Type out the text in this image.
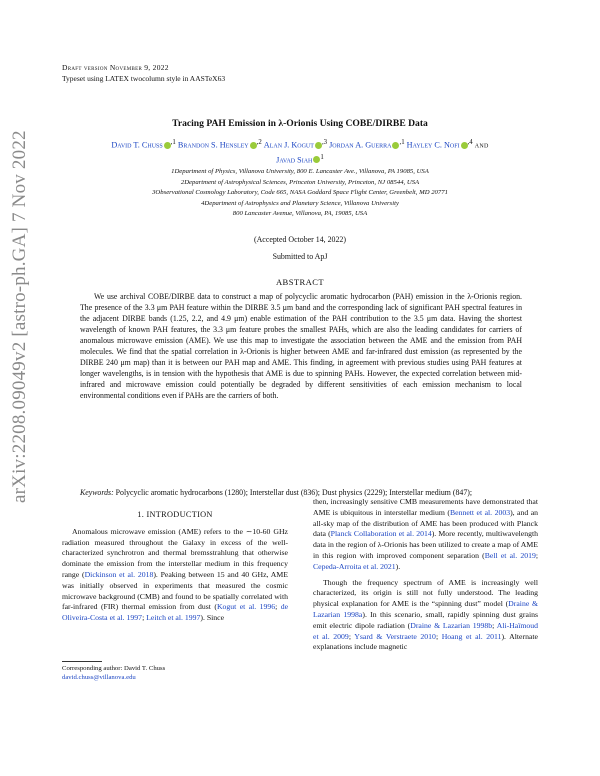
arXiv:2208.09049v2 [astro-ph.GA] 7 Nov 2022
Draft version November 9, 2022
Typeset using LATEX twocolumn style in AASTeX63
Tracing PAH Emission in λ-Orionis Using COBE/DIRBE Data
David T. Chuss $^{,1}$ Brandon S. Hensley $^{,2}$ Alan J. Kogut $^{,3}$ Jordan A. Guerra $^{,1}$ Hayley C. Nofi $^{,4}$ and
Javad Siah $^1$
1Department of Physics, Villanova University, 800 E. Lancaster Ave., Villanova, PA 19085, USA
2Department of Astrophysical Sciences, Princeton University, Princeton, NJ 08544, USA
3Observational Cosmology Laboratory, Code 665, NASA Goddard Space Flight Center, Greenbelt, MD 20771
4Department of Astrophysics and Planetary Science, Villanova University
800 Lancaster Avenue, Villanova, PA, 19085, USA
(Accepted October 14, 2022)
Submitted to ApJ
ABSTRACT
We use archival COBE/DIRBE data to construct a map of polycyclic aromatic hydrocarbon (PAH) emission in the λ-Orionis region. The presence of the 3.3 μm PAH feature within the DIRBE 3.5 μm band and the corresponding lack of significant PAH spectral features in the adjacent DIRBE bands (1.25, 2.2, and 4.9 μm) enable estimation of the PAH contribution to the 3.5 μm data. Having the shortest wavelength of known PAH features, the 3.3 μm feature probes the smallest PAHs, which are also the leading candidates for carriers of anomalous microwave emission (AME). We use this map to investigate the association between the AME and the emission from PAH molecules. We find that the spatial correlation in λ-Orionis is higher between AME and far-infrared dust emission (as represented by the DIRBE 240 μm map) than it is between our PAH map and AME. This finding, in agreement with previous studies using PAH features at longer wavelengths, is in tension with the hypothesis that AME is due to spinning PAHs. However, the expected correlation between mid-infrared and microwave emission could potentially be degraded by different sensitivities of each emission mechanism to local environmental conditions even if PAHs are the carriers of both.
Keywords: Polycyclic aromatic hydrocarbons (1280); Interstellar dust (836); Dust physics (2229); Interstellar medium (847);
1. INTRODUCTION

Anomalous microwave emission (AME) refers to the ∼10-60 GHz radiation measured throughout the Galaxy in excess of the well-characterized synchrotron and thermal bremsstrahlung that otherwise dominate the emission from the interstellar medium in this frequency range (Dickinson et al. 2018). Peaking between 15 and 40 GHz, AME was initially observed in experiments that measured the cosmic microwave background (CMB) and found to be spatially correlated with far-infrared (FIR) thermal emission from dust (Kogut et al. 1996; de Oliveira-Costa et al. 1997; Leitch et al. 1997). Since

then, increasingly sensitive CMB measurements have demonstrated that AME is ubiquitous in interstellar medium (Bennett et al. 2003), and an all-sky map of the distribution of AME has been produced with Planck data (Planck Collaboration et al. 2014). More recently, multiwavelength data in the region of λ-Orionis has been utilized to create a map of AME in this region with improved component separation (Bell et al. 2019; Cepeda-Arroita et al. 2021).

Though the frequency spectrum of AME is increasingly well characterized, its origin is still not fully understood. The leading physical explanation for AME is the “spinning dust” model (Draine & Lazarian 1998a). In this scenario, small, rapidly spinning dust grains emit electric dipole radiation (Draine & Lazarian 1998b; Ali-Haïmoud et al. 2009; Ysard & Verstraete 2010; Hoang et al. 2011). Alternate explanations include magnetic

Corresponding author: David T. Chuss
david.chuss@villanova.edu
